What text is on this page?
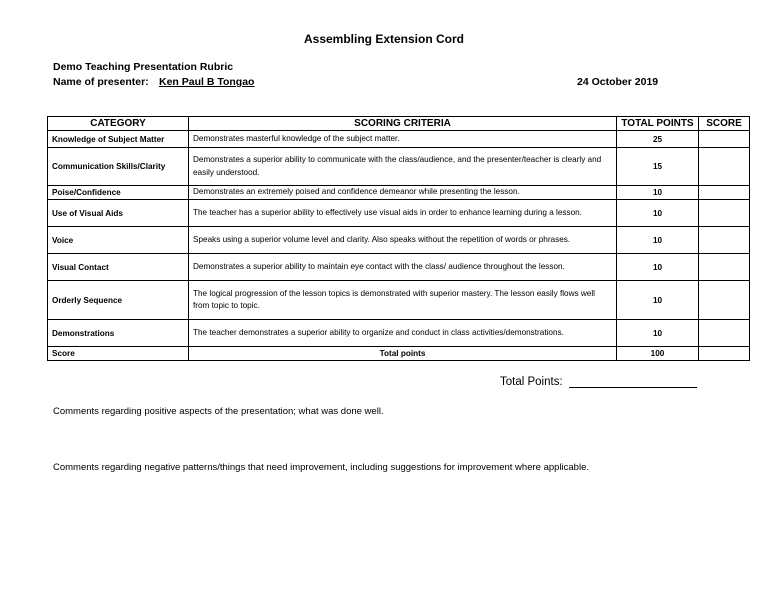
Assembling Extension Cord
Demo Teaching Presentation Rubric
Name of presenter: Ken Paul B Tongao	24 October 2019
CATEGORY	SCORING CRITERIA	TOTAL POINTS	SCORE
Knowledge of Subject Matter	Demonstrates masterful knowledge of the subject matter.	25	
Communication Skills/Clarity	Demonstrates a superior ability to communicate with the class/audience, and the presenter/teacher is clearly and easily understood.	15	
Poise/Confidence	Demonstrates an extremely poised and confidence demeanor while presenting the lesson.	10	
Use of Visual Aids	The teacher has a superior ability to effectively use visual aids in order to enhance learning during a lesson.	10	
Voice	Speaks using a superior volume level and clarity. Also speaks without the repetition of words or phrases.	10	
Visual Contact	Demonstrates a superior ability to maintain eye contact with the class/ audience throughout the lesson.	10	
Orderly Sequence	The logical progression of the lesson topics is demonstrated with superior mastery. The lesson easily flows well from topic to topic.	10	
Demonstrations	The teacher demonstrates a superior ability to organize and conduct in class activities/demonstrations.	10	
Score	Total points	100	
Total Points:
Comments regarding positive aspects of the presentation; what was done well.
Comments regarding negative patterns/things that need improvement, including suggestions for improvement where applicable.
